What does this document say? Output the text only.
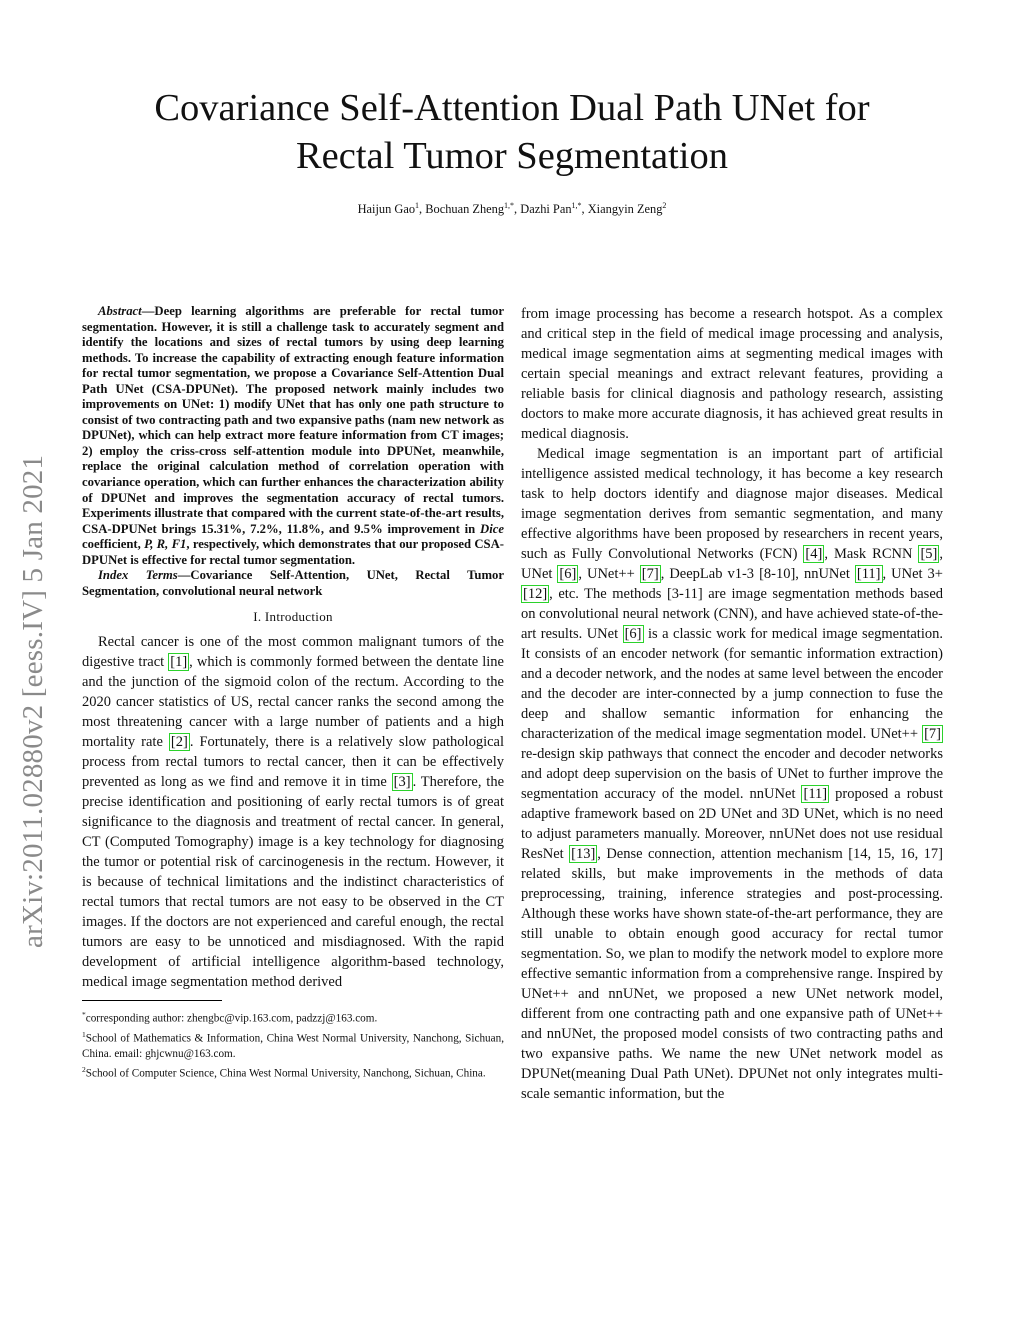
Covariance Self-Attention Dual Path UNet for
Rectal Tumor Segmentation
Haijun Gao$^1$, Bochuan Zheng$^{1,*}$, Dazhi Pan$^{1,*}$, Xiangyin Zeng$^2$
arXiv:2011.02880v2 [eess.IV] 5 Jan 2021

Abstract—Deep learning algorithms are preferable for rectal tumor segmentation. However, it is still a challenge task to accurately segment and identify the locations and sizes of rectal tumors by using deep learning methods. To increase the capability of extracting enough feature information for rectal tumor segmentation, we propose a Covariance Self-Attention Dual Path UNet (CSA-DPUNet). The proposed network mainly includes two improvements on UNet: 1) modify UNet that has only one path structure to consist of two contracting path and two expansive paths (nam new network as DPUNet), which can help extract more feature information from CT images; 2) employ the criss-cross self-attention module into DPUNet, meanwhile, replace the original calculation method of correlation operation with covariance operation, which can further enhances the characterization ability of DPUNet and improves the segmentation accuracy of rectal tumors. Experiments illustrate that compared with the current state-of-the-art results, CSA-DPUNet brings 15.31%, 7.2%, 11.8%, and 9.5% improvement in Dice coefficient, P, R, F1, respectively, which demonstrates that our proposed CSA-DPUNet is effective for rectal tumor segmentation.

Index Terms—Covariance Self-Attention, UNet, Rectal Tumor Segmentation, convolutional neural network

I. Introduction

Rectal cancer is one of the most common malignant tumors of the digestive tract [1] , which is commonly formed between the dentate line and the junction of the sigmoid colon of the rectum. According to the 2020 cancer statistics of US, rectal cancer ranks the second among the most threatening cancer with a large number of patients and a high mortality rate [2] . Fortunately, there is a relatively slow pathological process from rectal tumors to rectal cancer, then it can be effectively prevented as long as we find and remove it in time [3] . Therefore, the precise identification and positioning of early rectal tumors is of great significance to the diagnosis and treatment of rectal cancer. In general, CT (Computed Tomography) image is a key technology for diagnosing the tumor or potential risk of carcinogenesis in the rectum. However, it is because of technical limitations and the indistinct characteristics of rectal tumors that rectal tumors are not easy to be observed in the CT images. If the doctors are not experienced and careful enough, the rectal tumors are easy to be unnoticed and misdiagnosed. With the rapid development of artificial intelligence algorithm-based technology, medical image segmentation method derived

*corresponding author: zhengbc@vip.163.com, padzzj@163.com.

$^1$School of Mathematics & Information, China West Normal University, Nanchong, Sichuan, China. email: ghjcwnu@163.com.

$^2$School of Computer Science, China West Normal University, Nanchong, Sichuan, China.

from image processing has become a research hotspot. As a complex and critical step in the field of medical image processing and analysis, medical image segmentation aims at segmenting medical images with certain special meanings and extract relevant features, providing a reliable basis for clinical diagnosis and pathology research, assisting doctors to make more accurate diagnosis, it has achieved great results in medical diagnosis.

Medical image segmentation is an important part of artificial intelligence assisted medical technology, it has become a key research task to help doctors identify and diagnose major diseases. Medical image segmentation derives from semantic segmentation, and many effective algorithms have been proposed by researchers in recent years, such as Fully Convolutional Networks (FCN) [4] , Mask RCNN [5] , UNet [6] , UNet++ [7] , DeepLab v1-3 [8-10], nnUNet [11] , UNet 3+ [12] , etc. The methods [3-11] are image segmentation methods based on convolutional neural network (CNN), and have achieved state-of-the-art results. UNet [6] is a classic work for medical image segmentation. It consists of an encoder network (for semantic information extraction) and a decoder network, and the nodes at same level between the encoder and the decoder are inter-connected by a jump connection to fuse the deep and shallow semantic information for enhancing the characterization of the medical image segmentation model. UNet++ [7] re-design skip pathways that connect the encoder and decoder networks and adopt deep supervision on the basis of UNet to further improve the segmentation accuracy of the model. nnUNet [11] proposed a robust adaptive framework based on 2D UNet and 3D UNet, which is no need to adjust parameters manually. Moreover, nnUNet does not use residual ResNet [13] , Dense connection, attention mechanism [14, 15, 16, 17] related skills, but make improvements in the methods of data preprocessing, training, inference strategies and post-processing. Although these works have shown state-of-the-art performance, they are still unable to obtain enough good accuracy for rectal tumor segmentation. So, we plan to modify the network model to explore more effective semantic information from a comprehensive range. Inspired by UNet++ and nnUNet, we proposed a new UNet network model, different from one contracting path and one expansive path of UNet++ and nnUNet, the proposed model consists of two contracting paths and two expansive paths. We name the new UNet network model as DPUNet(meaning Dual Path UNet). DPUNet not only integrates multi-scale semantic information, but the
